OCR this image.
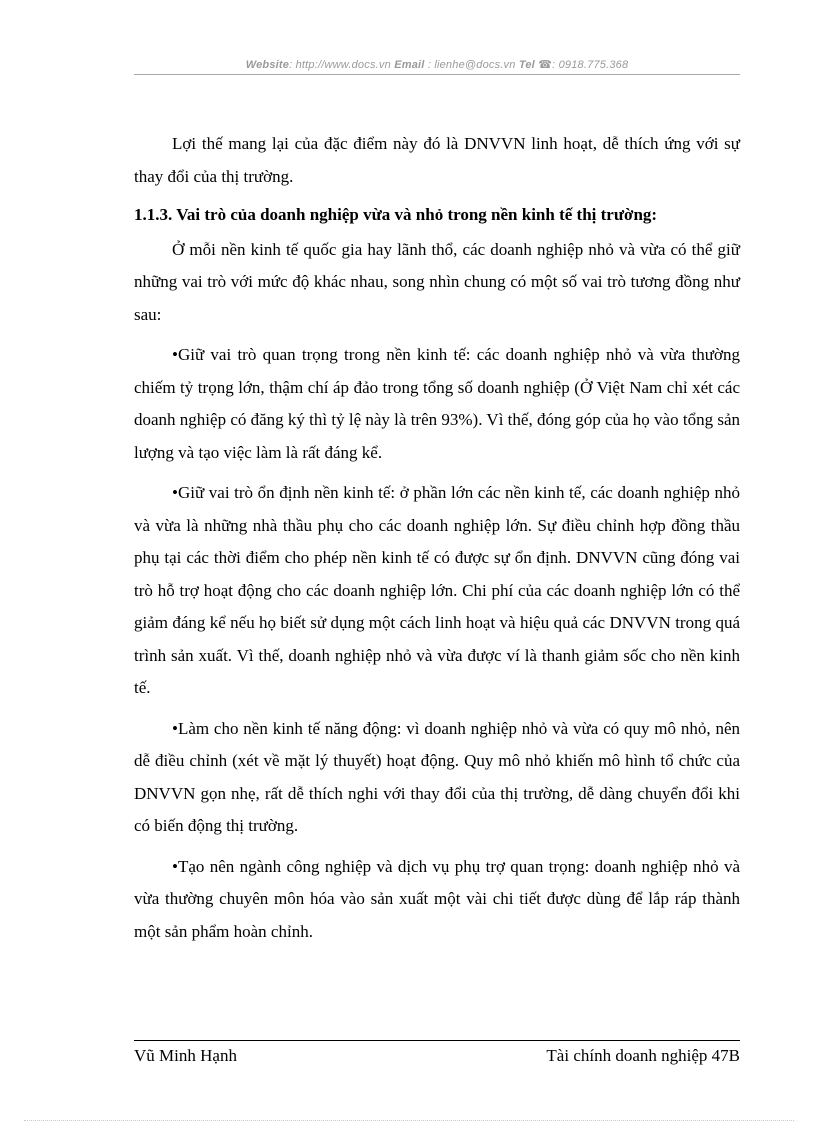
Website: http://www.docs.vn Email : lienhe@docs.vn Tel ☎: 0918.775.368

Lợi thế mang lại của đặc điểm này đó là DNVVN linh hoạt, dễ thích ứng với sự thay đổi của thị trường.

1.1.3. Vai trò của doanh nghiệp vừa và nhỏ trong nền kinh tế thị trường:

Ở mỗi nền kinh tế quốc gia hay lãnh thổ, các doanh nghiệp nhỏ và vừa có thể giữ những vai trò với mức độ khác nhau, song nhìn chung có một số vai trò tương đồng như sau:

•Giữ vai trò quan trọng trong nền kinh tế: các doanh nghiệp nhỏ và vừa thường chiếm tỷ trọng lớn, thậm chí áp đảo trong tổng số doanh nghiệp (Ở Việt Nam chỉ xét các doanh nghiệp có đăng ký thì tỷ lệ này là trên 93%). Vì thế, đóng góp của họ vào tổng sản lượng và tạo việc làm là rất đáng kể.

•Giữ vai trò ổn định nền kinh tế: ở phần lớn các nền kinh tế, các doanh nghiệp nhỏ và vừa là những nhà thầu phụ cho các doanh nghiệp lớn. Sự điều chỉnh hợp đồng thầu phụ tại các thời điểm cho phép nền kinh tế có được sự ổn định. DNVVN cũng đóng vai trò hỗ trợ hoạt động cho các doanh nghiệp lớn. Chi phí của các doanh nghiệp lớn có thể giảm đáng kể nếu họ biết sử dụng một cách linh hoạt và hiệu quả các DNVVN trong quá trình sản xuất. Vì thế, doanh nghiệp nhỏ và vừa được ví là thanh giảm sốc cho nền kinh tế.

•Làm cho nền kinh tế năng động: vì doanh nghiệp nhỏ và vừa có quy mô nhỏ, nên dễ điều chỉnh (xét về mặt lý thuyết) hoạt động. Quy mô nhỏ khiến mô hình tổ chức của DNVVN gọn nhẹ, rất dễ thích nghi với thay đổi của thị trường, dễ dàng chuyển đổi khi có biến động thị trường.

•Tạo nên ngành công nghiệp và dịch vụ phụ trợ quan trọng: doanh nghiệp nhỏ và vừa thường chuyên môn hóa vào sản xuất một vài chi tiết được dùng để lắp ráp thành một sản phẩm hoàn chỉnh.

Vũ Minh Hạnh	Tài chính doanh nghiệp 47B
